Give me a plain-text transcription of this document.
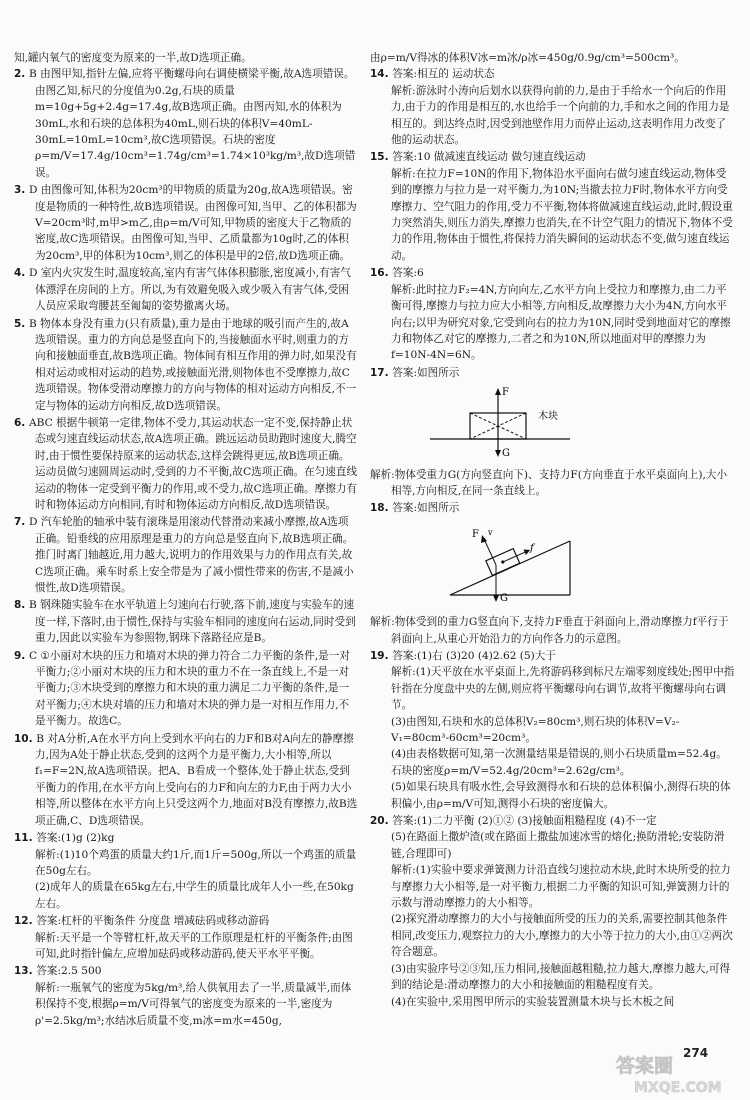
知,罐内氧气的密度变为原来的一半,故D选项正确。

2. B 由图甲知,指针左偏,应将平衡螺母向右调使横梁平衡,故A选项错误。由图乙知,标尺的分度值为0.2g,石块的质量m=10g+5g+2.4g=17.4g,故B选项正确。由图丙知,水的体积为30mL,水和石块的总体积为40mL,则石块的体积V=40mL-30mL=10mL=10cm³,故C选项错误。石块的密度ρ=m/V=17.4g/10cm³=1.74g/cm³=1.74×10³kg/m³,故D选项错误。

3. D 由图像可知,体积为20cm³的甲物质的质量为20g,故A选项错误。密度是物质的一种特性,故B选项错误。由图像可知,当甲、乙的体积都为V=20cm³时,m甲>m乙,由ρ=m/V可知,甲物质的密度大于乙物质的密度,故C选项错误。由图像可知,当甲、乙质量都为10g时,乙的体积为20cm³,甲的体积为10cm³,则乙的体积是甲的2倍,故D选项正确。

4. D 室内火灾发生时,温度较高,室内有害气体体积膨胀,密度减小,有害气体漂浮在房间的上方。所以,为有效避免吸入或少吸入有害气体,受困人员应采取弯腰甚至匍匐的姿势撤离火场。

5. B 物体本身没有重力(只有质量),重力是由于地球的吸引而产生的,故A选项错误。重力的方向总是竖直向下的,当接触面水平时,则重力的方向和接触面垂直,故B选项正确。物体间有相互作用的弹力时,如果没有相对运动或相对运动的趋势,或接触面光滑,则物体也不受摩擦力,故C选项错误。物体受滑动摩擦力的方向与物体的相对运动方向相反,不一定与物体的运动方向相反,故D选项错误。

6. ABC 根据牛顿第一定律,物体不受力,其运动状态一定不变,保持静止状态或匀速直线运动状态,故A选项正确。跳远运动员助跑时速度大,腾空时,由于惯性要保持原来的运动状态,这样会跳得更远,故B选项正确。运动员做匀速圆周运动时,受到的力不平衡,故C选项正确。在匀速直线运动的物体一定受到平衡力的作用,或不受力,故C选项正确。摩擦力有时和物体运动方向相同,有时和物体运动方向相反,故D选项错误。

7. D 汽车轮胎的轴承中装有滚珠是用滚动代替滑动来减小摩擦,故A选项正确。铅垂线的应用原理是重力的方向总是竖直向下,故B选项正确。推门时离门轴越近,用力越大,说明力的作用效果与力的作用点有关,故C选项正确。乘车时系上安全带是为了减小惯性带来的伤害,不是减小惯性,故D选项错误。

8. B 钢珠随实验车在水平轨道上匀速向右行驶,落下前,速度与实验车的速度一样,下落时,由于惯性,保持与实验车相同的速度向右运动,同时受到重力,因此以实验车为参照物,钢珠下落路径应是B。

9. C ①小丽对木块的压力和墙对木块的弹力符合二力平衡的条件,是一对平衡力;②小丽对木块的压力和木块的重力不在一条直线上,不是一对平衡力;③木块受到的摩擦力和木块的重力满足二力平衡的条件,是一对平衡力;④木块对墙的压力和墙对木块的弹力是一对相互作用力,不是平衡力。故选C。

10. B 对A分析,A在水平方向上受到水平向右的力F和B对A向左的静摩擦力,因为A处于静止状态,受到的这两个力是平衡力,大小相等,所以f₁=F=2N,故A选项错误。把A、B看成一个整体,处于静止状态,受到平衡力的作用,在水平方向上受向右的力F和向左的力F,由于两力大小相等,所以整体在水平方向上只受这两个力,地面对B没有摩擦力,故B选项正确,C、D选项错误。

11. 答案:(1)g (2)kg

解析:(1)10个鸡蛋的质量大约1斤,而1斤=500g,所以一个鸡蛋的质量在50g左右。

(2)成年人的质量在65kg左右,中学生的质量比成年人小一些,在50kg左右。

12. 答案:杠杆的平衡条件 分度盘 增减砝码或移动游码

解析:天平是一个等臂杠杆,故天平的工作原理是杠杆的平衡条件;由图可知,此时指针偏左,应增加砝码或移动游码,使天平水平平衡。

13. 答案:2.5 500

解析:一瓶氧气的密度为5kg/m³,给人供氧用去了一半,质量减半,而体积保持不变,根据ρ=m/V可得氧气的密度变为原来的一半,密度为ρ'=2.5kg/m³;水结冰后质量不变,m冰=m水=450g,

由ρ=m/V得冰的体积V冰=m冰/ρ冰=450g/0.9g/cm³=500cm³。

14. 答案:相互的 运动状态

解析:游泳时小涛向后划水以获得向前的力,是由于手给水一个向后的作用力,由于力的作用是相互的,水也给手一个向前的力,手和水之间的作用力是相互的。到达终点时,因受到池壁作用力而停止运动,这表明作用力改变了他的运动状态。

15. 答案:10 做减速直线运动 做匀速直线运动

解析:在拉力F=10N的作用下,物体沿水平面向右做匀速直线运动,物体受到的摩擦力与拉力是一对平衡力,为10N;当撤去拉力F时,物体水平方向受摩擦力、空气阻力的作用,受力不平衡,物体将做减速直线运动,此时,假设重力突然消失,则压力消失,摩擦力也消失,在不计空气阻力的情况下,物体不受力的作用,物体由于惯性,将保持力消失瞬间的运动状态不变,做匀速直线运动。

16. 答案:6

解析:此时拉力F₂=4N,方向向左,乙水平方向上受拉力和摩擦力,由二力平衡可得,摩擦力与拉力应大小相等,方向相反,故摩擦力大小为4N,方向水平向右;以甲为研究对象,它受到向右的拉力为10N,同时受到地面对它的摩擦力和物体乙对它的摩擦力,二者之和为10N,所以地面对甲的摩擦力为f=10N-4N=6N。

17. 答案:如图所示

F
G
木块

解析:物体受重力G(方向竖直向下)、支持力F(方向垂直于水平桌面向上),大小相等,方向相反,在同一条直线上。

18. 答案:如图所示

F v
f
G

解析:物体受到的重力G竖直向下,支持力F垂直于斜面向上,滑动摩擦力f平行于斜面向上,从重心开始沿力的方向作各力的示意图。

19. 答案:(1)右 (3)20 (4)2.62 (5)大于

解析:(1)天平放在水平桌面上,先将游码移到标尺左端零刻度线处;图甲中指针指在分度盘中央的左侧,则应将平衡螺母向右调节,故将平衡螺母向右调节。

(3)由图知,石块和水的总体积V₂=80cm³,则石块的体积V=V₂-V₁=80cm³-60cm³=20cm³。

(4)由表格数据可知,第一次测量结果是错误的,则小石块质量m=52.4g。

石块的密度ρ=m/V=52.4g/20cm³=2.62g/cm³。

(5)如果石块具有吸水性,会导致测得水和石块的总体积偏小,测得石块的体积偏小,由ρ=m/V可知,测得小石块的密度偏大。

20. 答案:(1)二力平衡 (2)①② (3)接触面粗糙程度 (4)不一定

(5)在路面上撒炉渣(或在路面上撒盐加速冰雪的熔化;换防滑轮;安装防滑链,合理即可)

解析:(1)实验中要求弹簧测力计沿直线匀速拉动木块,此时木块所受的拉力与摩擦力大小相等,是一对平衡力,根据二力平衡的知识可知,弹簧测力计的示数与滑动摩擦力的大小相等。

(2)探究滑动摩擦力的大小与接触面所受的压力的关系,需要控制其他条件相同,改变压力,观察拉力的大小,摩擦力的大小等于拉力的大小,由①②两次符合题意。

(3)由实验序号②③知,压力相同,接触面越粗糙,拉力越大,摩擦力越大,可得到的结论是:滑动摩擦力的大小和接触面的粗糙程度有关。

(4)在实验中,采用图甲所示的实验装置测量木块与长木板之间

274
答案圈
MXQE.COM
